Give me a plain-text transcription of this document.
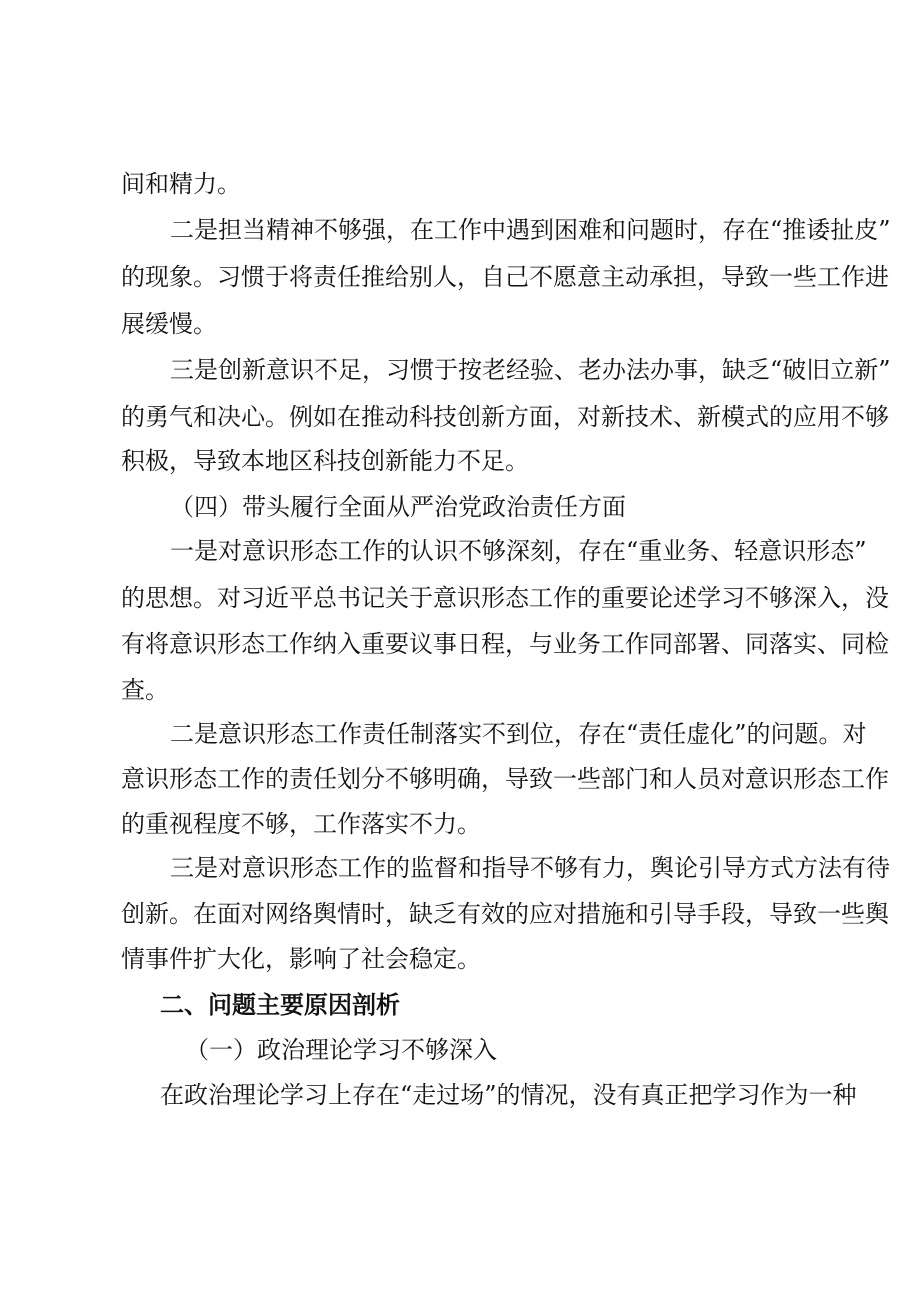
间和精力。
二是担当精神不够强，在工作中遇到困难和问题时，存在“推诿扯皮”
的现象。习惯于将责任推给别人，自己不愿意主动承担，导致一些工作进
展缓慢。
三是创新意识不足，习惯于按老经验、老办法办事，缺乏“破旧立新”
的勇气和决心。例如在推动科技创新方面，对新技术、新模式的应用不够
积极，导致本地区科技创新能力不足。
（四）带头履行全面从严治党政治责任方面
一是对意识形态工作的认识不够深刻，存在“重业务、轻意识形态”
的思想。对习近平总书记关于意识形态工作的重要论述学习不够深入，没
有将意识形态工作纳入重要议事日程，与业务工作同部署、同落实、同检
查。
二是意识形态工作责任制落实不到位，存在“责任虚化”的问题。对
意识形态工作的责任划分不够明确，导致一些部门和人员对意识形态工作
的重视程度不够，工作落实不力。
三是对意识形态工作的监督和指导不够有力，舆论引导方式方法有待
创新。在面对网络舆情时，缺乏有效的应对措施和引导手段，导致一些舆
情事件扩大化，影响了社会稳定。
二、问题主要原因剖析
（一）政治理论学习不够深入
在政治理论学习上存在“走过场”的情况，没有真正把学习作为一种
